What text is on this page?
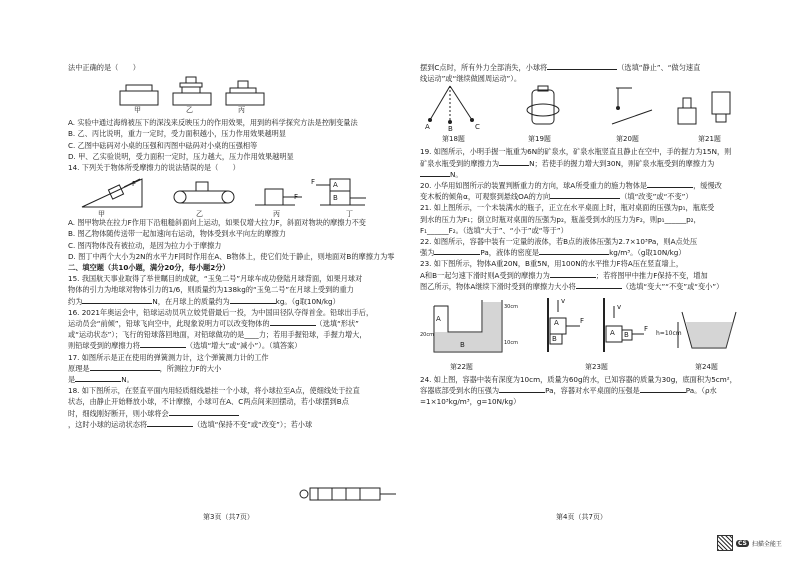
法中正确的是（　　）

甲	乙	丙

A. 实验中通过海绵被压下的深浅来反映压力的作用效果，用到的科学探究方法是控制变量法

B. 乙、丙比说明，重力一定时，受力面积越小，压力作用效果越明显

C. 乙图中砝码对小桌的压强和丙图中砝码对小桌的压强相等

D. 甲、乙实验说明，受力面积一定时，压力越大，压力作用效果越明显

14. 下列关于物体所受摩擦力的说法错误的是（　　）

F
F
A
B
F
甲	乙	丙	丁

A. 图甲物块在拉力F作用下沿粗糙斜面向上运动，如果仅增大拉力F，斜面对物块的摩擦力不变

B. 图乙物体随传送带一起加速向右运动，物体受到水平向左的摩擦力

C. 图丙物体没有被拉动，是因为拉力小于摩擦力

D. 图丁中两个大小为2N的水平力F同时作用在A、B物体上，使它们处于静止，则地面对B的摩擦力为零

二、填空题（共10小题，满分20分，每小题2分）

15. 我国航天事业取得了举世瞩目的成就，“玉兔二号”月球车成功登陆月球背面，如果月球对

物体的引力为地球对物体引力的1/6，则质量约为138kg的“玉兔二号”在月球上受到的重力

约为	N，在月球上的质量约为	kg。（g取10N/kg）

16. 2021年奥运会中，铅球运动员巩立姣凭借最后一投，为中国田径队夺得首金。铅球出手后，

运动员会“前倾”，铅球飞向空中，此现象说明力可以改变物体的	（选填“形状”

或“运动状态”）；飞行的铅球落回地面，对铅球做功的是____力；若用手握铅球，手握力增大，

则铅球受到的摩擦力将	（选填“增大”或“减小”）。（填答案）

17. 如图所示是正在使用的弹簧测力计，这个弹簧测力计的工作

原理是	，所测拉力F的大小

是	N。

18. 如下图所示，在竖直平面内用轻质细线悬挂一个小球，将小球拉至A点，使细线处于拉直

状态，由静止开始释放小球，不计摩擦，小球可在A、C两点间来回摆动，若小球摆到B点

时，细线刚好断开，则小球将会

，这时小球的运动状态将	（选填“保持不变”或“改变”）；若小球

第3页（共7页）

摆到C点时，所有外力全部消失，小球将	（选填“静止”、“做匀速直

线运动”或“继续做圆周运动”）。

A	B	C
第18题	第19题	第20题	第21题

19. 如图所示，小明手握一瓶重为6N的矿泉水，矿泉水瓶竖直且静止在空中，手的握力为15N，则

矿泉水瓶受到的摩擦力为	N；若使手的握力增大到30N，则矿泉水瓶受到的摩擦力为

N。

20. 小华用如图所示的装置判断重力的方向，球A所受重力的施力物体是	，缓慢改

变木板的倾角α，可观察到悬线OA的方向	（填“改变”或“不变”）

21. 如上图所示，一个未装满水的瓶子，正立在水平桌面上时，瓶对桌面的压强为p₁，瓶底受

到水的压力为F₁；倒立时瓶对桌面的压强为p₂，瓶盖受到水的压力为F₂，则p₁______p₂，

F₁______F₂。（选填“大于”、“小于”或“等于”）

22. 如图所示，容器中装有一定量的液体，若B点的液体压强为2.7×10³Pa，则A点处压

强为	Pa，液体的密度是	kg/m³。（g取10N/kg）

23. 如下图所示，物体A重20N，B重5N，用100N的水平推力F将A压在竖直墙上，

A和B一起匀速下滑时则A受到的摩擦力为	；若将图甲中推力F保持不变，增加

图乙所示，物体A继续下滑时受到的摩擦力大小将	（选填“变大”“不变”或“变小”）

A
B
20cm
30cm
10cm
F
A
B
F
A B
v
v
h=10cm
第22题	第23题	第24题

24. 如上图，容器中装有深度为10cm，质量为60g的水，已知容器的质量为30g，底面积为5cm²，

容器底部受到水的压强为	Pa，容器对水平桌面的压强是	Pa。（ρ水

=1×10³kg/m³，g=10N/kg）

第4页（共7页）
CS 扫描全能王
